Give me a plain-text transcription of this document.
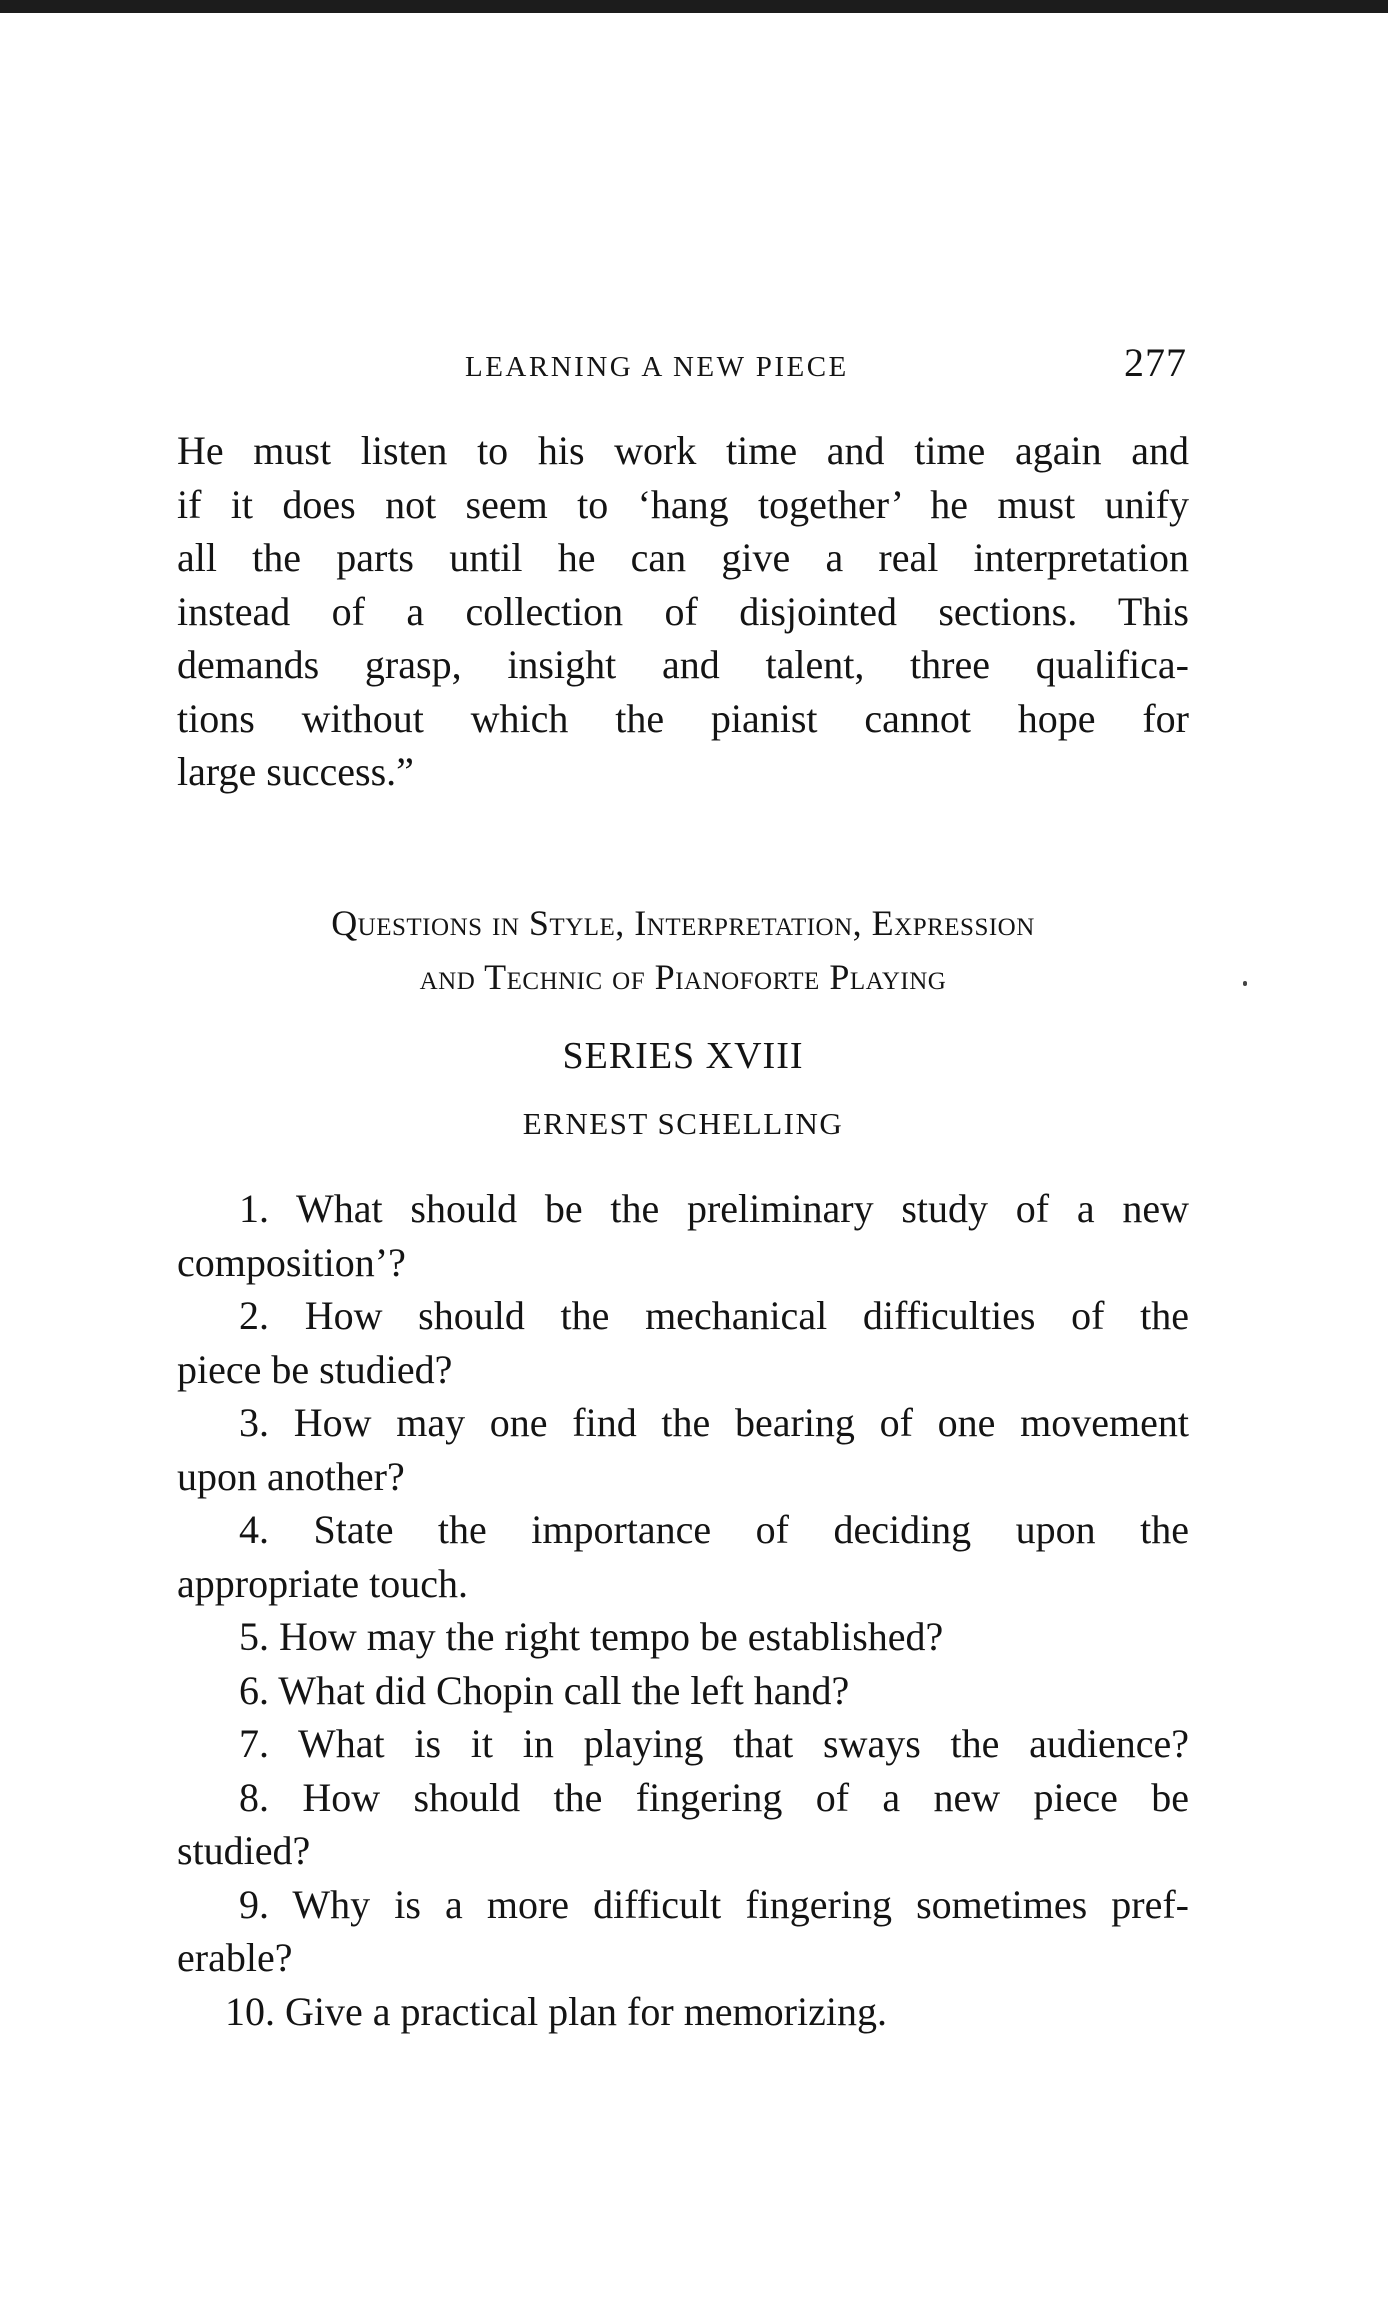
LEARNING A NEW PIECE	277
He must listen to his work time and time again and
if it does not seem to ‘hang together’ he must unify
all the parts until he can give a real interpretation
instead of a collection of disjointed sections. This
demands grasp, insight and talent, three qualifica-
tions without which the pianist cannot hope for
large success.”
Questions in Style, Interpretation, Expression
and Technic of Pianoforte Playing
SERIES XVIII
ERNEST SCHELLING
1. What should be the preliminary study of a new
composition’?
2. How should the mechanical difficulties of the
piece be studied?
3. How may one find the bearing of one movement
upon another?
4. State the importance of deciding upon the
appropriate touch.
5. How may the right tempo be established?
6. What did Chopin call the left hand?
7. What is it in playing that sways the audience?
8. How should the fingering of a new piece be
studied?
9. Why is a more difficult fingering sometimes pref-
erable?
10. Give a practical plan for memorizing.
